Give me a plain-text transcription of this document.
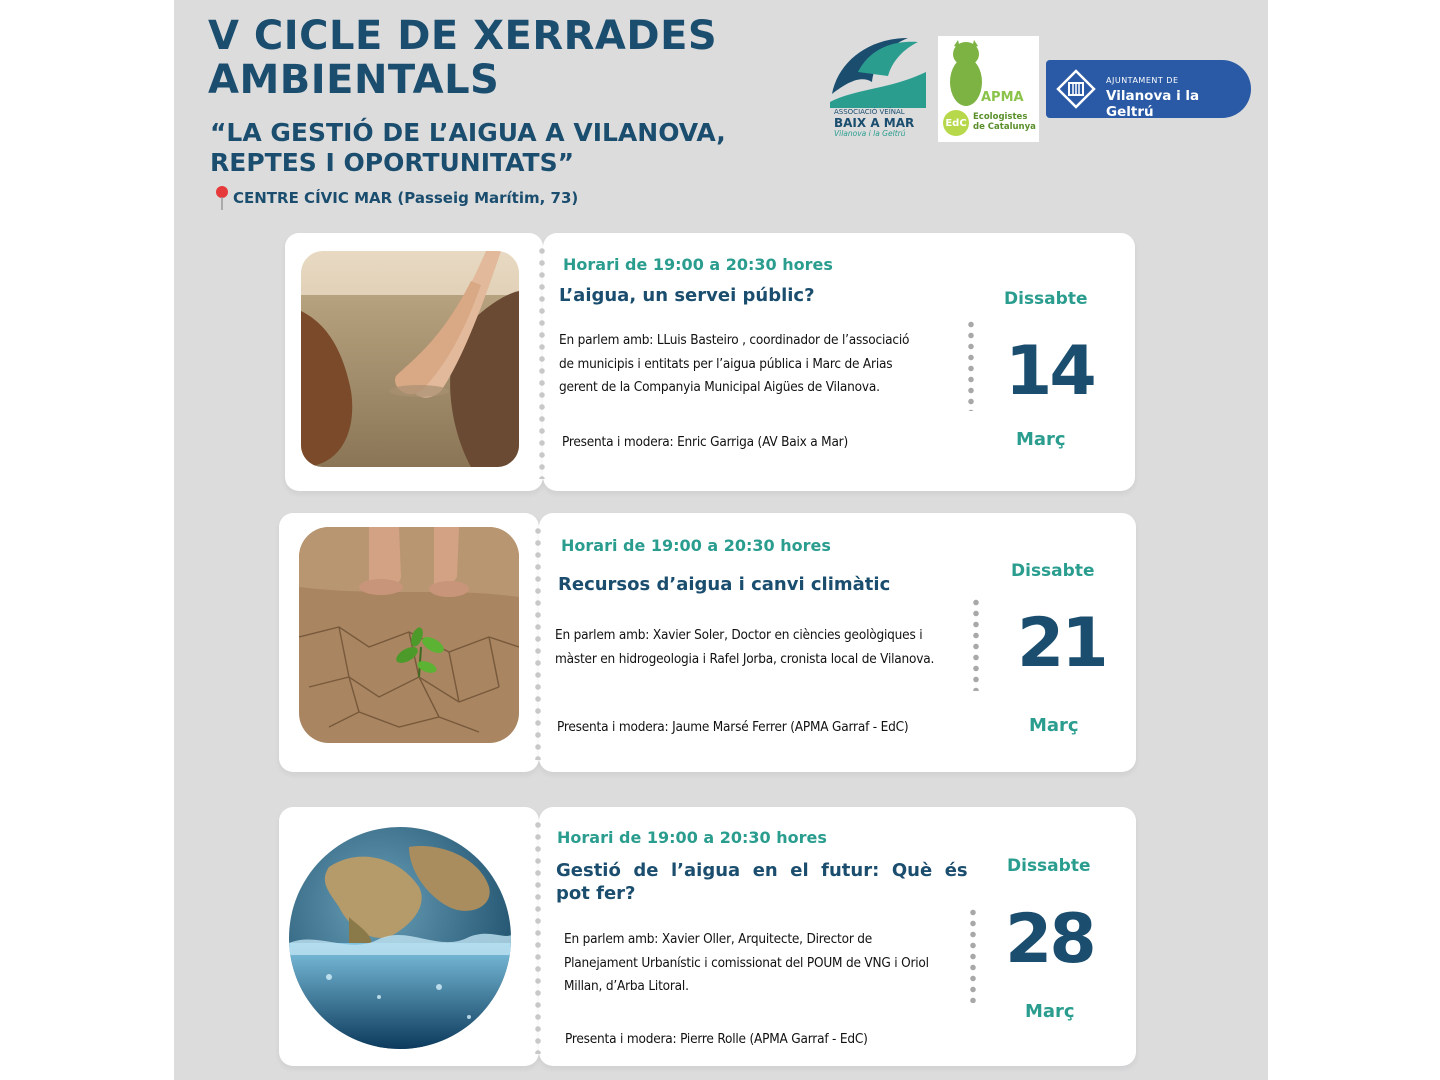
V CICLE DE XERRADES
AMBIENTALS
“LA GESTIÓ DE L’AIGUA A VILANOVA,
REPTES I OPORTUNITATS”
CENTRE CÍVIC MAR (Passeig Marítim, 73)
ASSOCIACIÓ VEÏNAL
BAIX A MAR
Vilanova i la Geltrú
APMA
EdC
Ecologistes
de Catalunya
AJUNTAMENT DE
Vilanova i la Geltrú
Horari de 19:00 a 20:30 hores
L’aigua, un servei públic?
En parlem amb: LLuis Basteiro , coordinador de l’associació
de municipis i entitats per l’aigua pública i Marc de Arias
gerent de la Companyia Municipal Aigües de Vilanova.
Presenta i modera: Enric Garriga (AV Baix a Mar)
Dissabte
14
Març
Horari de 19:00 a 20:30 hores
Recursos d’aigua i canvi climàtic
En parlem amb: Xavier Soler, Doctor en ciències geològiques i
màster en hidrogeologia i Rafel Jorba, cronista local de Vilanova.
Presenta i modera: Jaume Marsé Ferrer (APMA Garraf - EdC)
Dissabte
21
Març
Horari de 19:00 a 20:30 hores
Gestió  de  l’aigua  en  el  futur:  Què  és
pot fer?
En parlem amb: Xavier Oller, Arquitecte, Director de
Planejament Urbanístic i comissionat del POUM de VNG i Oriol
Millan, d’Arba Litoral.
Presenta i modera: Pierre Rolle (APMA Garraf - EdC)
Dissabte
28
Març
